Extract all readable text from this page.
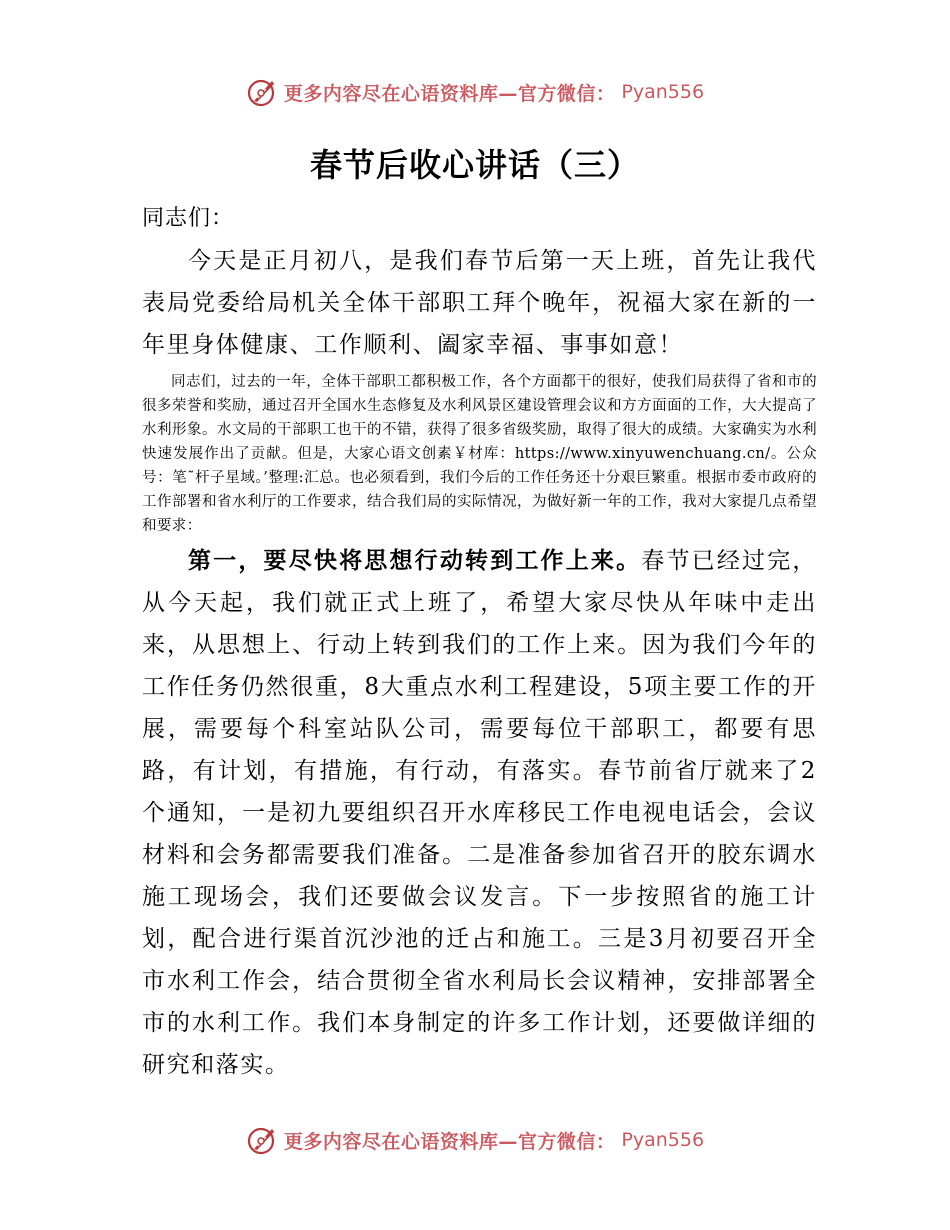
更多内容尽在心语资料库—官方微信： Pyan556
春节后收心讲话（三）

同志们：

今天是正月初八，是我们春节后第一天上班，首先让我代表局党委给局机关全体干部职工拜个晚年，祝福大家在新的一年里身体健康、工作顺利、阖家幸福、事事如意！

同志们，过去的一年，全体干部职工都积极工作，各个方面都干的很好，使我们局获得了省和市的很多荣誉和奖励，通过召开全国水生态修复及水利风景区建设管理会议和方方面面的工作，大大提高了水利形象。水文局的干部职工也干的不错，获得了很多省级奖励，取得了很大的成绩。大家确实为水利快速发展作出了贡献。但是，大家心语文创素￥材库：https://www.xinyuwenchuang.cn/。公众号：笔˜杆子星域。’整理:汇总。也必须看到，我们今后的工作任务还十分艰巨繁重。根据市委市政府的工作部署和省水利厅的工作要求，结合我们局的实际情况，为做好新一年的工作，我对大家提几点希望和要求：

第一，要尽快将思想行动转到工作上来。春节已经过完，从今天起，我们就正式上班了，希望大家尽快从年味中走出来，从思想上、行动上转到我们的工作上来。因为我们今年的工作任务仍然很重，8大重点水利工程建设，5项主要工作的开展，需要每个科室站队公司，需要每位干部职工，都要有思路，有计划，有措施，有行动，有落实。春节前省厅就来了2个通知，一是初九要组织召开水库移民工作电视电话会，会议材料和会务都需要我们准备。二是准备参加省召开的胶东调水施工现场会，我们还要做会议发言。下一步按照省的施工计划，配合进行渠首沉沙池的迁占和施工。三是3月初要召开全市水利工作会，结合贯彻全省水利局长会议精神，安排部署全市的水利工作。我们本身制定的许多工作计划，还要做详细的研究和落实。

更多内容尽在心语资料库—官方微信： Pyan556
